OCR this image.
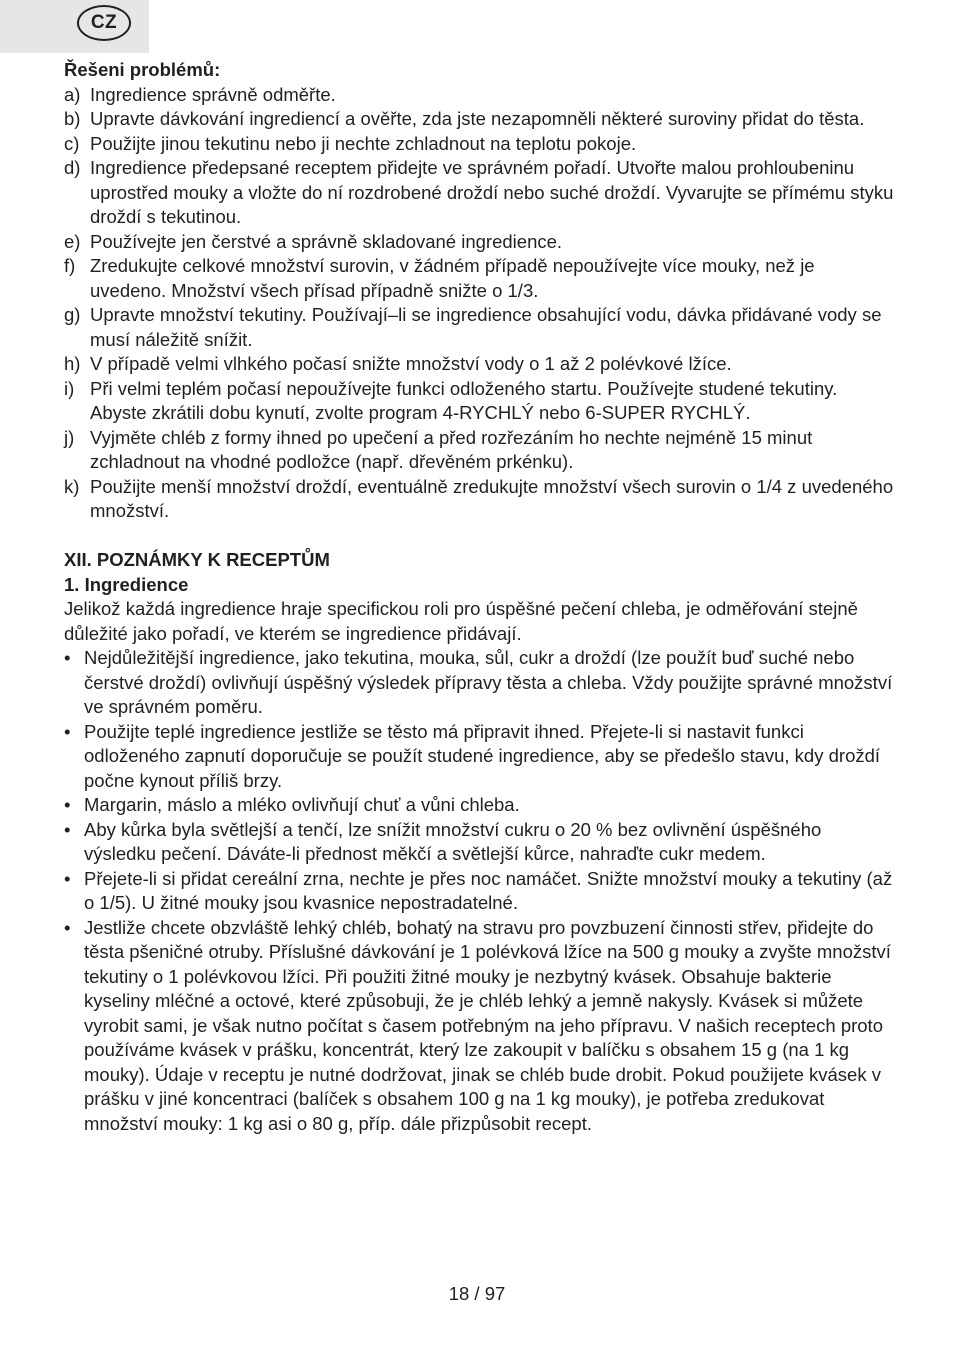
CZ
Řešeni problémů:
a) Ingredience správně odměřte.
b) Upravte dávkování ingrediencí a ověřte, zda jste nezapomněli některé suroviny přidat do těsta.
c) Použijte jinou tekutinu nebo ji nechte zchladnout na teplotu pokoje.
d) Ingredience předepsané receptem přidejte ve správném pořadí. Utvořte malou prohloubeninu uprostřed mouky a vložte do ní rozdrobené droždí nebo suché droždí. Vyvarujte se přímému styku droždí s tekutinou.
e) Používejte jen čerstvé a správně skladované ingredience.
f) Zredukujte celkové množství surovin, v žádném případě nepoužívejte více mouky, než je uvedeno. Množství všech přísad případně snižte o 1/3.
g) Upravte množství tekutiny. Používají–li se ingredience obsahující vodu, dávka přidávané vody se musí náležitě snížit.
h) V případě velmi vlhkého počasí snižte množství vody o 1 až 2 polévkové lžíce.
i) Při velmi teplém počasí nepoužívejte funkci odloženého startu. Používejte studené tekutiny. Abyste zkrátili dobu kynutí, zvolte program 4-RYCHLÝ nebo 6-SUPER RYCHLÝ.
j) Vyjměte chléb z formy ihned po upečení a před rozřezáním ho nechte nejméně 15 minut zchladnout na vhodné podložce (např. dřevěném prkénku).
k) Použijte menší množství droždí, eventuálně zredukujte množství všech surovin o 1/4 z uvedeného množství.
XII. POZNÁMKY K RECEPTŮM
1. Ingredience
Jelikož každá ingredience hraje specifickou roli pro úspěšné pečení chleba, je odměřování stejně důležité jako pořadí, ve kterém se ingredience přidávají.
• Nejdůležitější ingredience, jako tekutina, mouka, sůl, cukr a droždí (lze použít buď suché nebo čerstvé droždí) ovlivňují úspěšný výsledek přípravy těsta a chleba. Vždy použijte správné množství ve správném poměru.
• Použijte teplé ingredience jestliže se těsto má připravit ihned. Přejete-li si nastavit funkci odloženého zapnutí doporučuje se použít studené ingredience, aby se předešlo stavu, kdy droždí počne kynout příliš brzy.
• Margarin, máslo a mléko ovlivňují chuť a vůni chleba.
• Aby kůrka byla světlejší a tenčí, lze snížit množství cukru o 20 % bez ovlivnění úspěšného výsledku pečení. Dáváte-li přednost měkčí a světlejší kůrce, nahraďte cukr medem.
• Přejete-li si přidat cereální zrna, nechte je přes noc namáčet. Snižte množství mouky a tekutiny (až o 1/5). U žitné mouky jsou kvasnice nepostradatelné.
• Jestliže chcete obzvláště lehký chléb, bohatý na stravu pro povzbuzení činnosti střev, přidejte do těsta pšeničné otruby. Příslušné dávkování je 1 polévková lžíce na 500 g mouky a zvyšte množství tekutiny o 1 polévkovou lžíci. Při použiti žitné mouky je nezbytný kvásek. Obsahuje bakterie kyseliny mléčné a octové, které způsobuji, že je chléb lehký a jemně nakysly. Kvásek si můžete vyrobit sami, je však nutno počítat s časem potřebným na jeho přípravu. V našich receptech proto používáme kvásek v prášku, koncentrát, který lze zakoupit v balíčku s obsahem 15 g (na 1 kg mouky). Údaje v receptu je nutné dodržovat, jinak se chléb bude drobit. Pokud použijete kvásek v prášku v jiné koncentraci (balíček s obsahem 100 g na 1 kg mouky), je potřeba zredukovat množství mouky: 1 kg asi o 80 g, příp. dále přizpůsobit recept.
18 / 97
